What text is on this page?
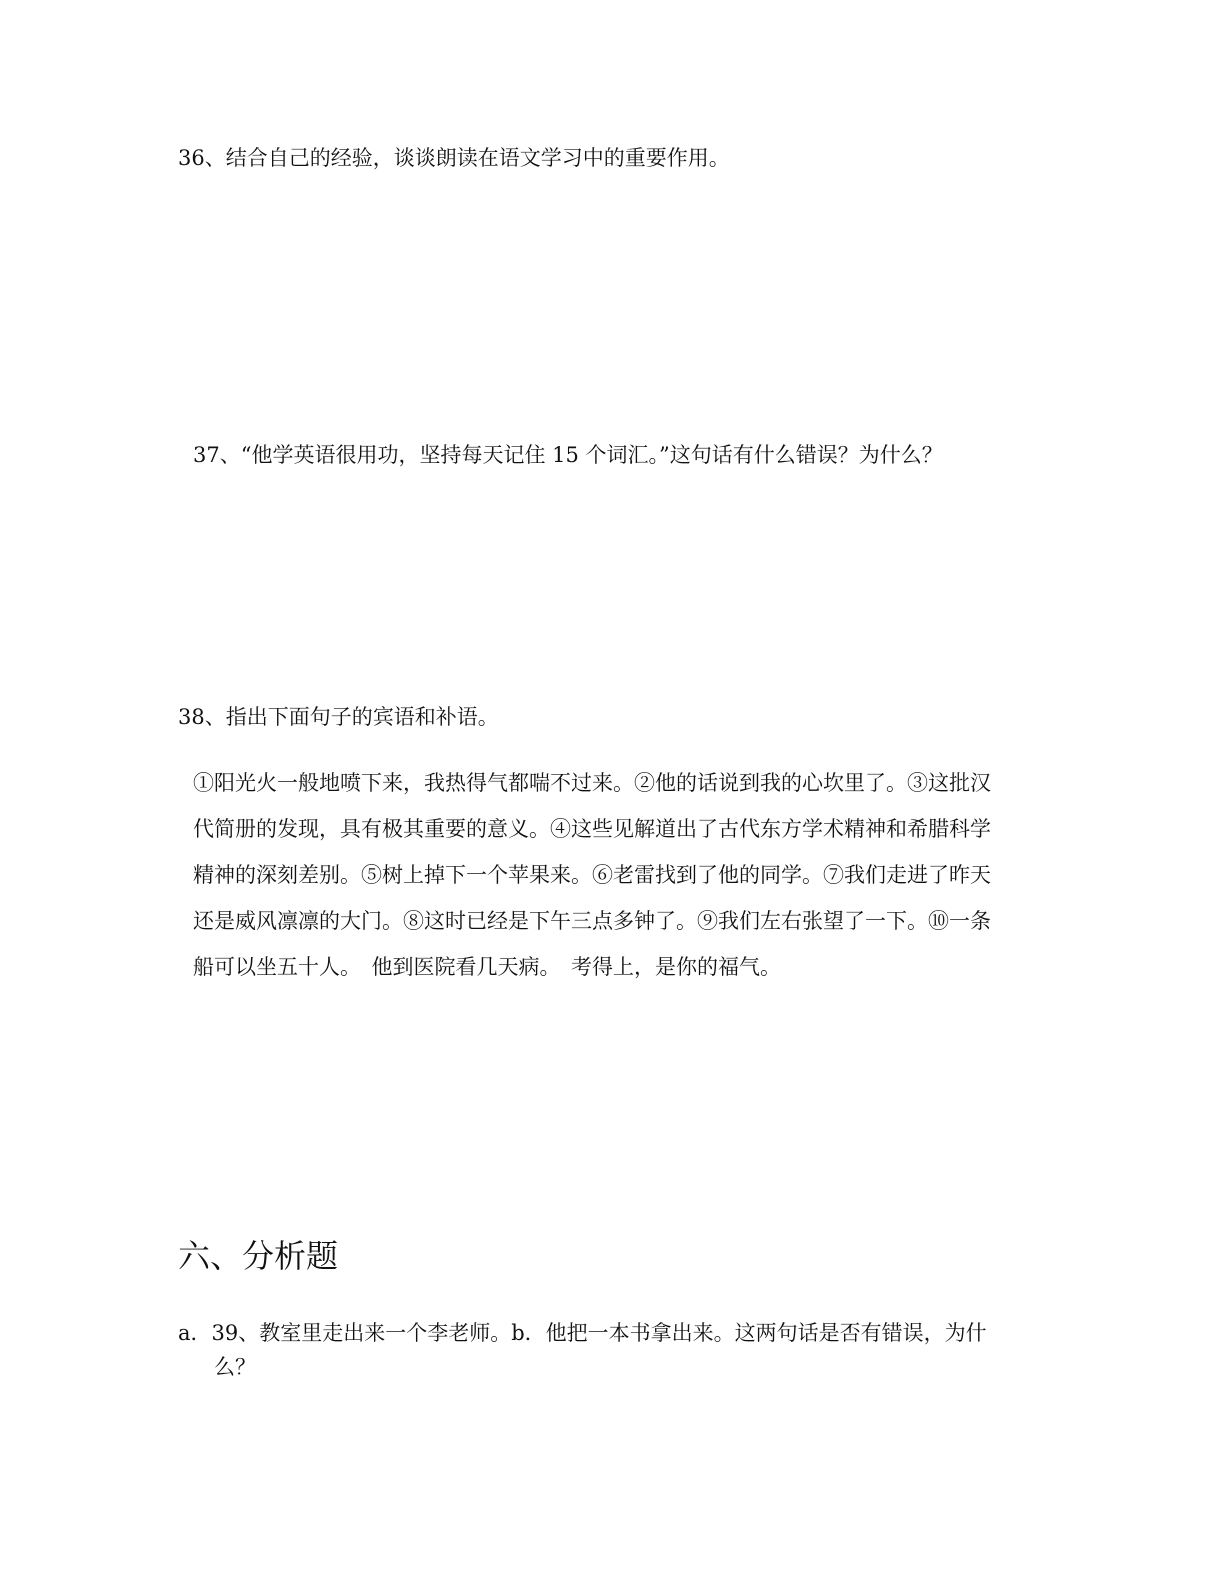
36、结合自己的经验，谈谈朗读在语文学习中的重要作用。

37、“他学英语很用功，坚持每天记住 15 个词汇。”这句话有什么错误？为什么？

38、指出下面句子的宾语和补语。

①阳光火一般地喷下来，我热得气都喘不过来。②他的话说到我的心坎里了。③这批汉
代简册的发现，具有极其重要的意义。④这些见解道出了古代东方学术精神和希腊科学
精神的深刻差别。⑤树上掉下一个苹果来。⑥老雷找到了他的同学。⑦我们走进了昨天
还是威风凛凛的大门。⑧这时已经是下午三点多钟了。⑨我们左右张望了一下。⑩一条
船可以坐五十人。　他到医院看几天病。　考得上，是你的福气。
六、分析题
a．39、教室里走出来一个李老师。b．他把一本书拿出来。这两句话是否有错误，为什
么？
